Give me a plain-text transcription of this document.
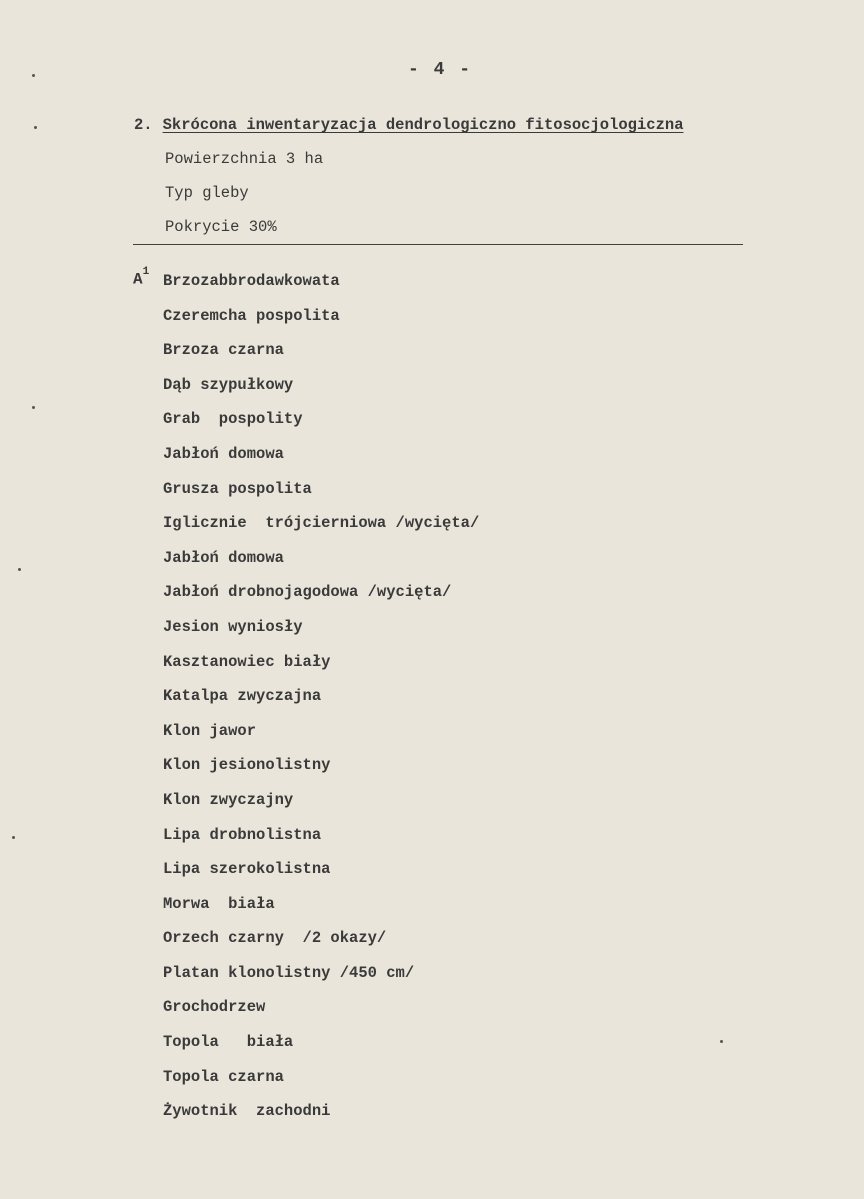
- 4 -
2. Skrócona inwentaryzacja dendrologiczno fitosocjologiczna
Powierzchnia 3 ha
Typ gleby
Pokrycie 30%
$A^1$ Brzozabbrodawkowata
Czeremcha pospolita
Brzoza czarna
Dąb szypułkowy
Grab  pospolity
Jabłoń domowa
Grusza pospolita
Iglicznie  trójcierniowa /wycięta/
Jabłoń domowa
Jabłoń drobnojagodowa /wycięta/
Jesion wyniosły
Kasztanowiec biały
Katalpa zwyczajna
Klon jawor
Klon jesionolistny
Klon zwyczajny
Lipa drobnolistna
Lipa szerokolistna
Morwa  biała
Orzech czarny  /2 okazy/
Platan klonolistny /450 cm/
Grochodrzew
Topola   biała
Topola czarna
Żywotnik  zachodni
